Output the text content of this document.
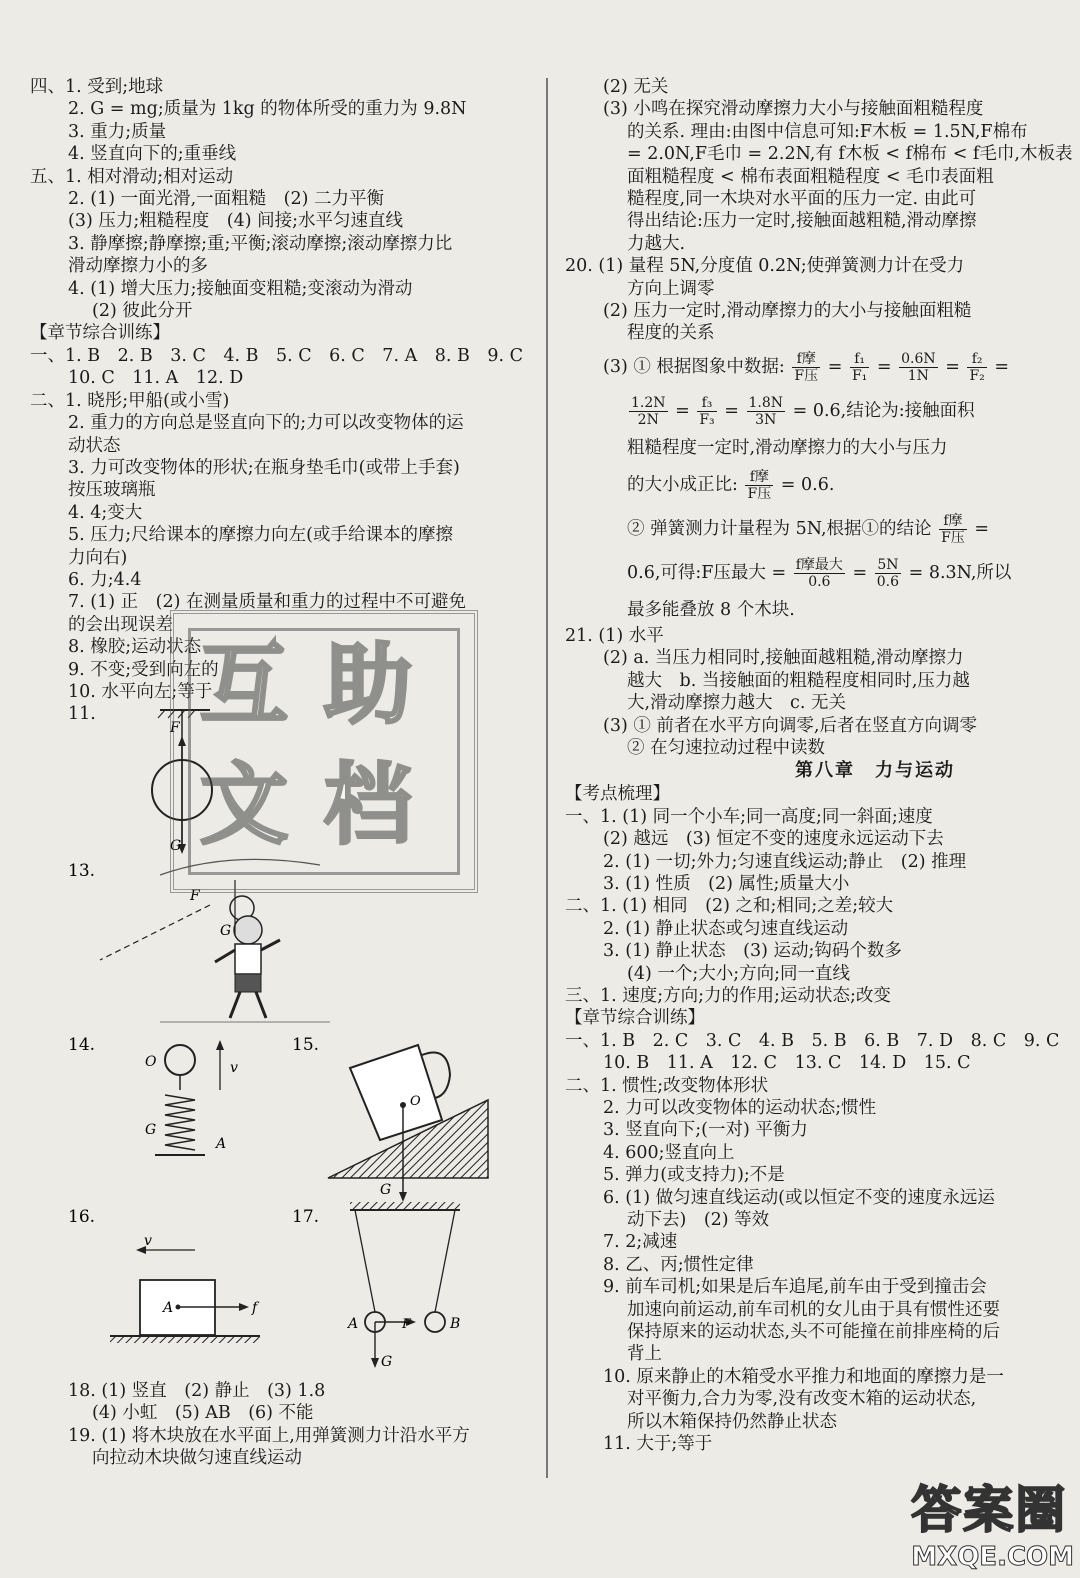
四、1. 受到;地球
2. G = mg;质量为 1kg 的物体所受的重力为 9.8N
3. 重力;质量
4. 竖直向下的;重垂线
五、1. 相对滑动;相对运动
2. (1) 一面光滑,一面粗糙　(2) 二力平衡
(3) 压力;粗糙程度　(4) 间接;水平匀速直线
3. 静摩擦;静摩擦;重;平衡;滚动摩擦;滚动摩擦力比
滑动摩擦力小的多
4. (1) 增大压力;接触面变粗糙;变滚动为滑动
(2) 彼此分开
【章节综合训练】
一、1. B　2. B　3. C　4. B　5. C　6. C　7. A　8. B　9. C
10. C　11. A　12. D
二、1. 晓彤;甲船(或小雪)
2. 重力的方向总是竖直向下的;力可以改变物体的运
动状态
3. 力可改变物体的形状;在瓶身垫毛巾(或带上手套)
按压玻璃瓶
4. 4;变大
5. 压力;尺给课本的摩擦力向左(或手给课本的摩擦
力向右)
6. 力;4.4
7. (1) 正　(2) 在测量质量和重力的过程中不可避免
的会出现误差
8. 橡胶;运动状态
9. 不变;受到向左的
10. 水平向左;等于
11.
F
G
13.
F
G
14.
O	v
G
A
15.
O
G
16.
v
A	f
17.
A	F	B
G
18. (1) 竖直　(2) 静止　(3) 1.8
(4) 小虹　(5) AB　(6) 不能
19. (1) 将木块放在水平面上,用弹簧测力计沿水平方
向拉动木块做匀速直线运动
互 助
文 档
(2) 无关
(3) 小鸣在探究滑动摩擦力大小与接触面粗糙程度
的关系. 理由:由图中信息可知:F木板 = 1.5N,F棉布
= 2.0N,F毛巾 = 2.2N,有 f木板 < f棉布 < f毛巾,木板表
面粗糙程度 < 棉布表面粗糙程度 < 毛巾表面粗
糙程度,同一木块对水平面的压力一定. 由此可
得出结论:压力一定时,接触面越粗糙,滑动摩擦
力越大.
20. (1) 量程 5N,分度值 0.2N;使弹簧测力计在受力
方向上调零
(2) 压力一定时,滑动摩擦力的大小与接触面粗糙
程度的关系
(3) ① 根据图象中数据: $\frac{\text{f摩}}{\text{F压}} = \frac{\text{f₁}}{\text{F₁}} = \frac{0.6N}{1N} = \frac{\text{f₂}}{\text{F₂}}$ =
$\frac{1.2N}{2N} = \frac{\text{f₃}}{\text{F₃}} = \frac{1.8N}{3N} = 0.6$,结论为:接触面积
粗糙程度一定时,滑动摩擦力的大小与压力
的大小成正比: $\frac{\text{f摩}}{\text{F压}} = 0.6$.
② 弹簧测力计量程为 5N,根据①的结论 $\frac{\text{f摩}}{\text{F压}}$ =
0.6,可得:F压最大 = $\frac{\text{f摩最大}}{0.6} = \frac{5N}{0.6} = 8.3N$,所以
最多能叠放 8 个木块.
21. (1) 水平
(2) a. 当压力相同时,接触面越粗糙,滑动摩擦力
越大　b. 当接触面的粗糙程度相同时,压力越
大,滑动摩擦力越大　c. 无关
(3) ① 前者在水平方向调零,后者在竖直方向调零
② 在匀速拉动过程中读数
第八章　力与运动
【考点梳理】
一、1. (1) 同一个小车;同一高度;同一斜面;速度
(2) 越远　(3) 恒定不变的速度永远运动下去
2. (1) 一切;外力;匀速直线运动;静止　(2) 推理
3. (1) 性质　(2) 属性;质量大小
二、1. (1) 相同　(2) 之和;相同;之差;较大
2. (1) 静止状态或匀速直线运动
3. (1) 静止状态　(3) 运动;钩码个数多
(4) 一个;大小;方向;同一直线
三、1. 速度;方向;力的作用;运动状态;改变
【章节综合训练】
一、1. B　2. C　3. C　4. B　5. B　6. B　7. D　8. C　9. C
10. B　11. A　12. C　13. C　14. D　15. C
二、1. 惯性;改变物体形状
2. 力可以改变物体的运动状态;惯性
3. 竖直向下;(一对) 平衡力
4. 600;竖直向上
5. 弹力(或支持力);不是
6. (1) 做匀速直线运动(或以恒定不变的速度永远运
动下去)　(2) 等效
7. 2;减速
8. 乙、丙;惯性定律
9. 前车司机;如果是后车追尾,前车由于受到撞击会
加速向前运动,前车司机的女儿由于具有惯性还要
保持原来的运动状态,头不可能撞在前排座椅的后
背上
10. 原来静止的木箱受水平推力和地面的摩擦力是一
对平衡力,合力为零,没有改变木箱的运动状态,
所以木箱保持仍然静止状态
11. 大于;等于
答案圈
MXQE.COM
